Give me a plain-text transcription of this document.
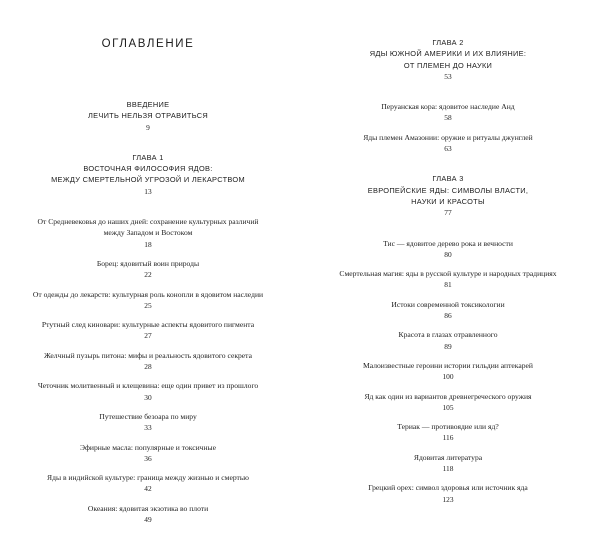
ОГЛАВЛЕНИЕ
ВВЕДЕНИЕ
ЛЕЧИТЬ НЕЛЬЗЯ ОТРАВИТЬСЯ
9
ГЛАВА 1
ВОСТОЧНАЯ ФИЛОСОФИЯ ЯДОВ:
МЕЖДУ СМЕРТЕЛЬНОЙ УГРОЗОЙ И ЛЕКАРСТВОМ
13
От Средневековья до наших дней: сохранение культурных различий
между Западом и Востоком
18
Борец: ядовитый воин природы
22
От одежды до лекарств: культурная роль конопли в ядовитом наследии
25
Ртутный след киновари: культурные аспекты ядовитого пигмента
27
Желчный пузырь питона: мифы и реальность ядовитого секрета
28
Четочник молитвенный и клещевина: еще один привет из прошлого
30
Путешествие безоара по миру
33
Эфирные масла: популярные и токсичные
36
Яды в индийской культуре: граница между жизнью и смертью
42
Океания: ядовитая экзотика во плоти
49
ГЛАВА 2
ЯДЫ ЮЖНОЙ АМЕРИКИ И ИХ ВЛИЯНИЕ:
ОТ ПЛЕМЕН ДО НАУКИ
53
Перуанская кора: ядовитое наследие Анд
58
Яды племен Амазонии: оружие и ритуалы джунглей
63
ГЛАВА 3
ЕВРОПЕЙСКИЕ ЯДЫ: СИМВОЛЫ ВЛАСТИ,
НАУКИ И КРАСОТЫ
77
Тис — ядовитое дерево рока и вечности
80
Смертельная магия: яды в русской культуре и народных традициях
81
Истоки современной токсикологии
86
Красота в глазах отравленного
89
Малоизвестные героини истории гильдии аптекарей
100
Яд как один из вариантов древнегреческого оружия
105
Териак — противоядие или яд?
116
Ядовитая литература
118
Грецкий орех: символ здоровья или источник яда
123
